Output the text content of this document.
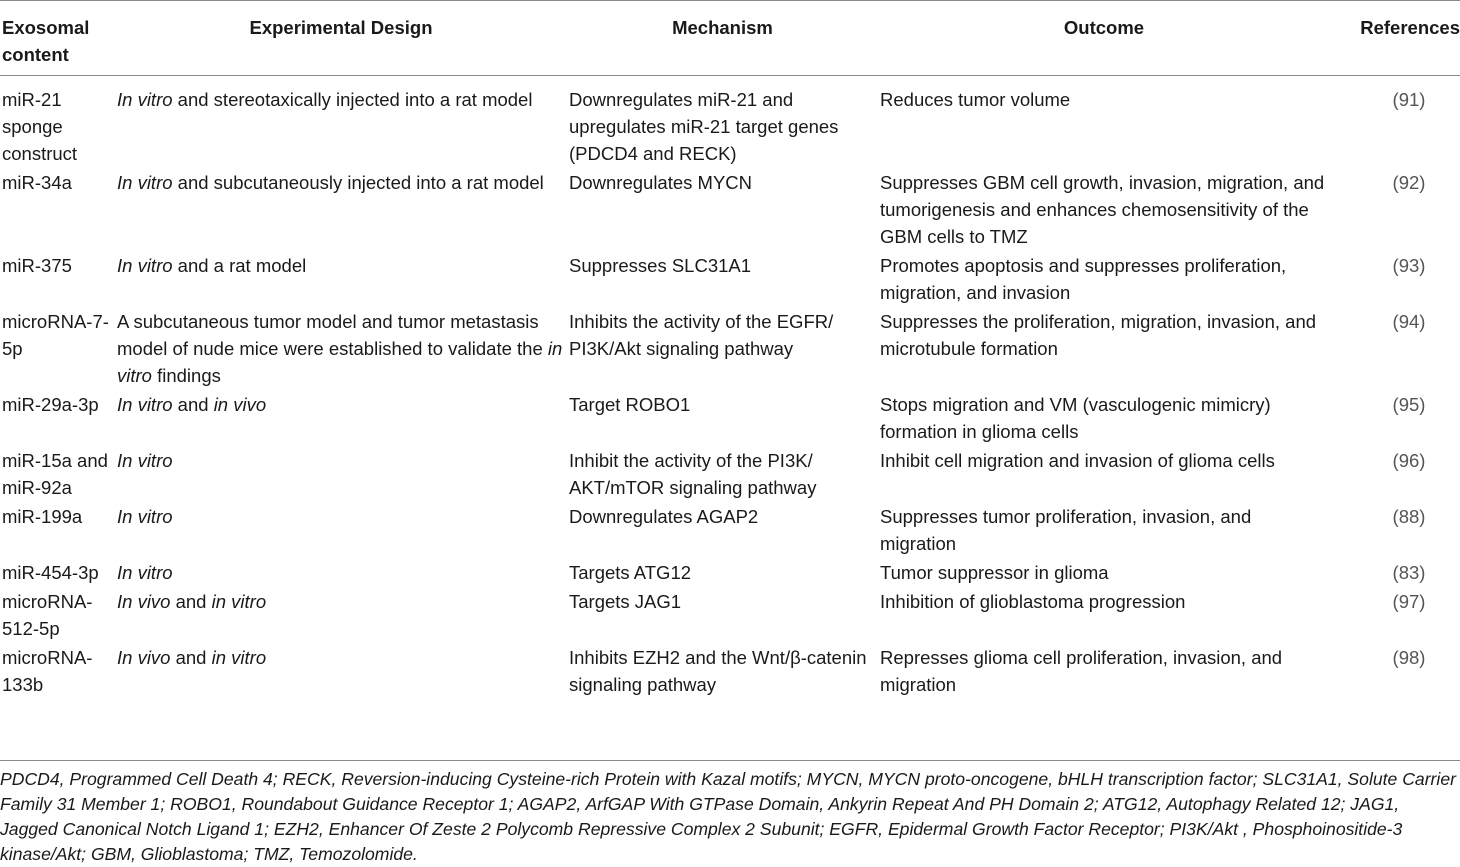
Exosomal content	Experimental Design	Mechanism	Outcome	References
miR-21 sponge construct	In vitro and stereotaxically injected into a rat model	Downregulates miR-21 and upregulates miR-21 target genes (PDCD4 and RECK)	Reduces tumor volume	(91)
miR-34a	In vitro and subcutaneously injected into a rat model	Downregulates MYCN	Suppresses GBM cell growth, invasion, migration, and tumorigenesis and enhances chemosensitivity of the GBM cells to TMZ	(92)
miR-375	In vitro and a rat model	Suppresses SLC31A1	Promotes apoptosis and suppresses proliferation, migration, and invasion	(93)
microRNA-7-5p	A subcutaneous tumor model and tumor metastasis model of nude mice were established to validate the in vitro findings	Inhibits the activity of the EGFR/ PI3K/Akt signaling pathway	Suppresses the proliferation, migration, invasion, and microtubule formation	(94)
miR-29a-3p	In vitro and in vivo	Target ROBO1	Stops migration and VM (vasculogenic mimicry) formation in glioma cells	(95)
miR-15a and miR-92a	In vitro	Inhibit the activity of the PI3K/ AKT/mTOR signaling pathway	Inhibit cell migration and invasion of glioma cells	(96)
miR-199a	In vitro	Downregulates AGAP2	Suppresses tumor proliferation, invasion, and migration	(88)
miR-454-3p	In vitro	Targets ATG12	Tumor suppressor in glioma	(83)
microRNA-512-5p	In vivo and in vitro	Targets JAG1	Inhibition of glioblastoma progression	(97)
microRNA-133b	In vivo and in vitro	Inhibits EZH2 and the Wnt/β-catenin signaling pathway	Represses glioma cell proliferation, invasion, and migration	(98)
PDCD4, Programmed Cell Death 4; RECK, Reversion-inducing Cysteine-rich Protein with Kazal motifs; MYCN, MYCN proto-oncogene, bHLH transcription factor; SLC31A1, Solute Carrier Family 31 Member 1; ROBO1, Roundabout Guidance Receptor 1; AGAP2, ArfGAP With GTPase Domain, Ankyrin Repeat And PH Domain 2; ATG12, Autophagy Related 12; JAG1, Jagged Canonical Notch Ligand 1; EZH2, Enhancer Of Zeste 2 Polycomb Repressive Complex 2 Subunit; EGFR, Epidermal Growth Factor Receptor; PI3K/Akt , Phosphoinositide-3 kinase/Akt; GBM, Glioblastoma; TMZ, Temozolomide.
